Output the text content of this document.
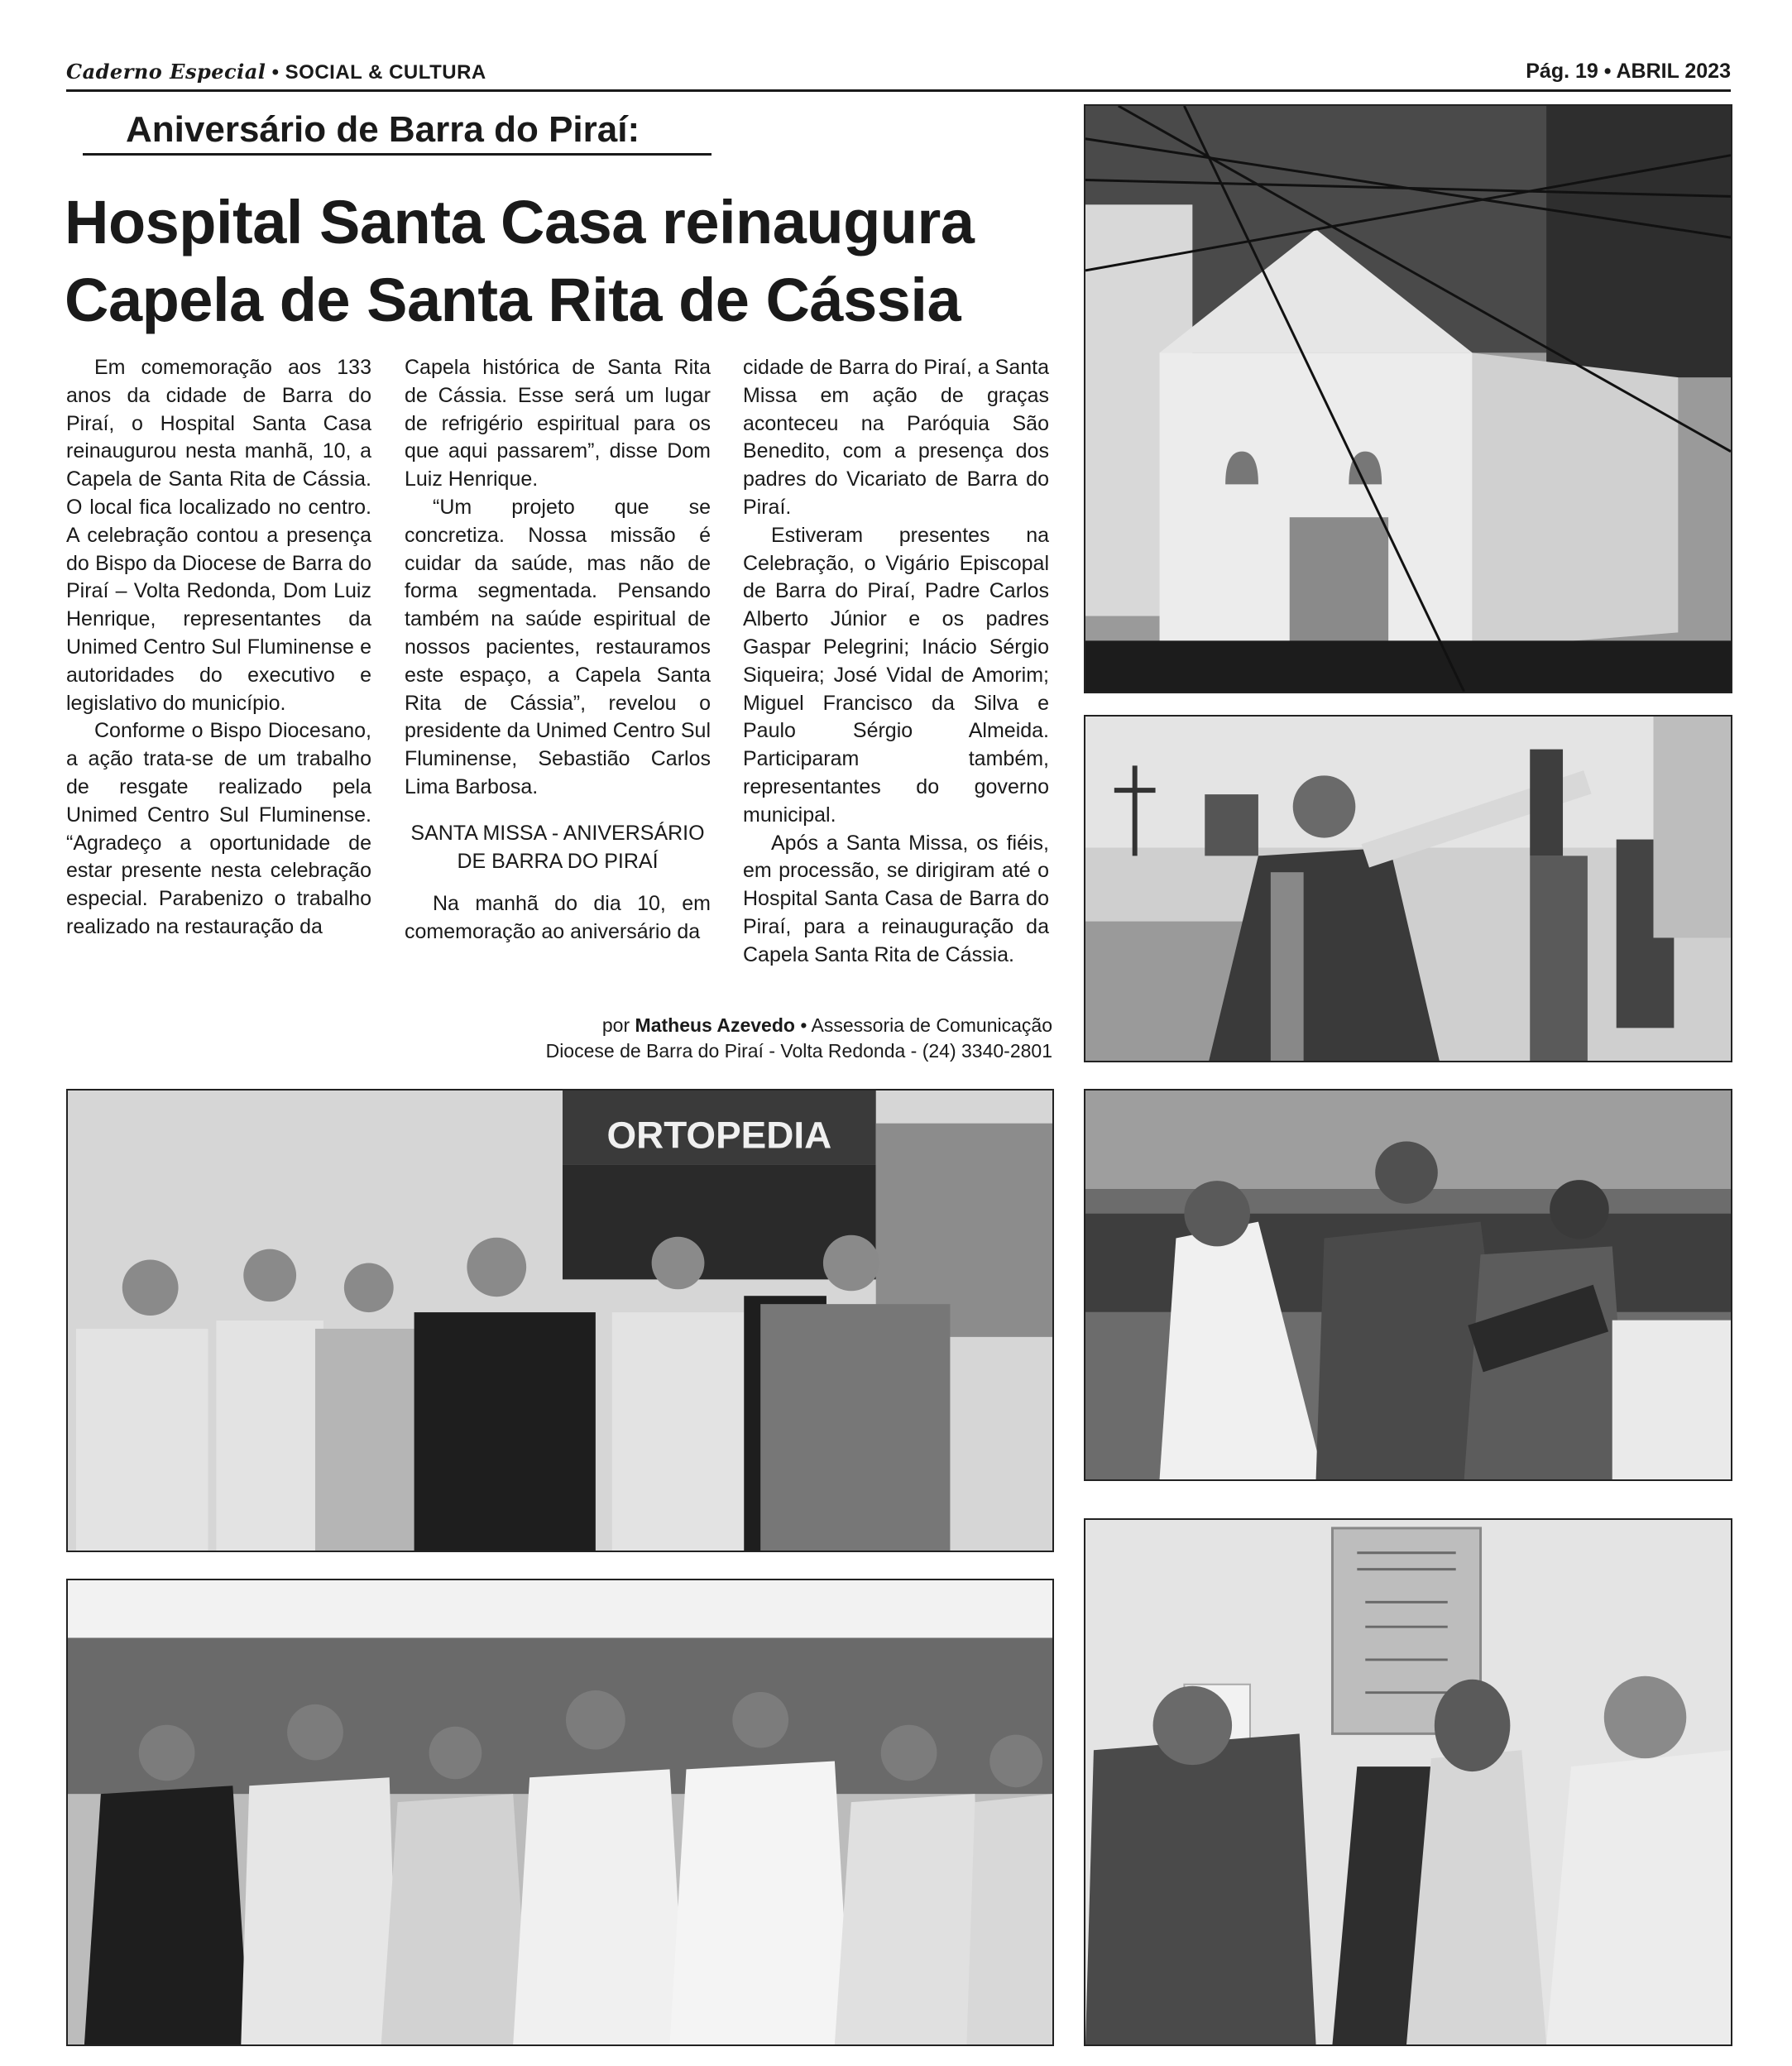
Caderno Especial • SOCIAL & CULTURA	Pág. 19 • ABRIL 2023
Aniversário de Barra do Piraí:
Hospital Santa Casa reinaugura
Capela de Santa Rita de Cássia

Em comemoração aos 133 anos da cidade de Barra do Piraí, o Hospital Santa Casa reinaugurou nesta manhã, 10, a Capela de Santa Rita de Cássia. O local fica localizado no centro. A celebração contou a presença do Bispo da Diocese de Barra do Piraí – Volta Redonda, Dom Luiz Henrique, representantes da Unimed Centro Sul Fluminense e autoridades do executivo e legislativo do município.

Conforme o Bispo Diocesano, a ação trata-se de um trabalho de resgate realizado pela Unimed Centro Sul Fluminense. “Agradeço a oportunidade de estar presente nesta celebração especial. Parabenizo o trabalho realizado na restauração da

Capela histórica de Santa Rita de Cássia. Esse será um lugar de refrigério espiritual para os que aqui passarem”, disse Dom Luiz Henrique.

“Um projeto que se concretiza. Nossa missão é cuidar da saúde, mas não de forma segmentada. Pensando também na saúde espiritual de nossos pacientes, restauramos este espaço, a Capela Santa Rita de Cássia”, revelou o presidente da Unimed Centro Sul Fluminense, Sebastião Carlos Lima Barbosa.

SANTA MISSA - ANIVERSÁRIO DE BARRA DO PIRAÍ

Na manhã do dia 10, em comemoração ao aniversário da

cidade de Barra do Piraí, a Santa Missa em ação de graças aconteceu na Paróquia São Benedito, com a presença dos padres do Vicariato de Barra do Piraí.

Estiveram presentes na Celebração, o Vigário Episcopal de Barra do Piraí, Padre Carlos Alberto Júnior e os padres Gaspar Pelegrini; Inácio Sérgio Siqueira; José Vidal de Amorim; Miguel Francisco da Silva e Paulo Sérgio Almeida. Participaram também, representantes do governo municipal.

Após a Santa Missa, os fiéis, em processão, se dirigiram até o Hospital Santa Casa de Barra do Piraí, para a reinauguração da Capela Santa Rita de Cássia.

por Matheus Azevedo • Assessoria de Comunicação
Diocese de Barra do Piraí - Volta Redonda - (24) 3340-2801
ORTOPEDIA
